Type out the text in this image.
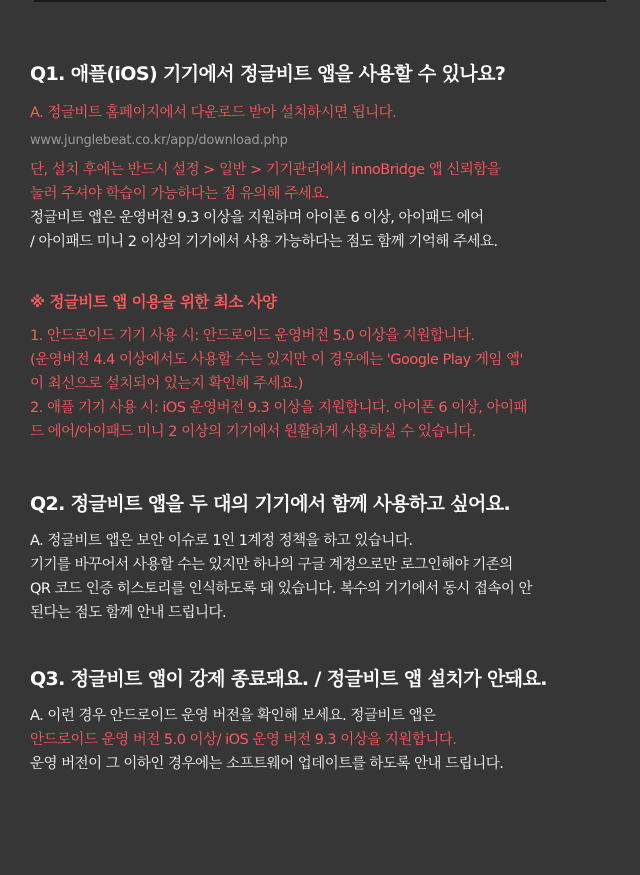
Q1. 애플(iOS) 기기에서 정글비트 앱을 사용할 수 있나요?

A. 정글비트 홈페이지에서 다운로드 받아 설치하시면 됩니다.

www.junglebeat.co.kr/app/download.php

단, 설치 후에는 반드시 설정 > 일반 > 기기관리에서 innoBridge 앱 신뢰함을

눌러 주셔야 학습이 가능하다는 점 유의해 주세요.

정글비트 앱은 운영버전 9.3 이상을 지원하며 아이폰 6 이상, 아이패드 에어

/ 아이패드 미니 2 이상의 기기에서 사용 가능하다는 점도 함께 기억해 주세요.

※ 정글비트 앱 이용을 위한 최소 사양

1. 안드로이드 기기 사용 시: 안드로이드 운영버전 5.0 이상을 지원합니다.

(운영버전 4.4 이상에서도 사용할 수는 있지만 이 경우에는 'Google Play 게임 앱'

이 최신으로 설치되어 있는지 확인해 주세요.)

2. 애플 기기 사용 시: iOS 운영버전 9.3 이상을 지원합니다. 아이폰 6 이상, 아이패

드 에어/아이패드 미니 2 이상의 기기에서 원활하게 사용하실 수 있습니다.

Q2. 정글비트 앱을 두 대의 기기에서 함께 사용하고 싶어요.

A. 정글비트 앱은 보안 이슈로 1인 1계정 정책을 하고 있습니다.

기기를 바꾸어서 사용할 수는 있지만 하나의 구글 계정으로만 로그인해야 기존의

QR 코드 인증 히스토리를 인식하도록 돼 있습니다. 복수의 기기에서 동시 접속이 안

된다는 점도 함께 안내 드립니다.

Q3. 정글비트 앱이 강제 종료돼요. / 정글비트 앱 설치가 안돼요.

A. 이런 경우 안드로이드 운영 버전을 확인해 보세요. 정글비트 앱은

안드로이드 운영 버전 5.0 이상/ iOS 운영 버전 9.3 이상을 지원합니다.

운영 버전이 그 이하인 경우에는 소프트웨어 업데이트를 하도록 안내 드립니다.
